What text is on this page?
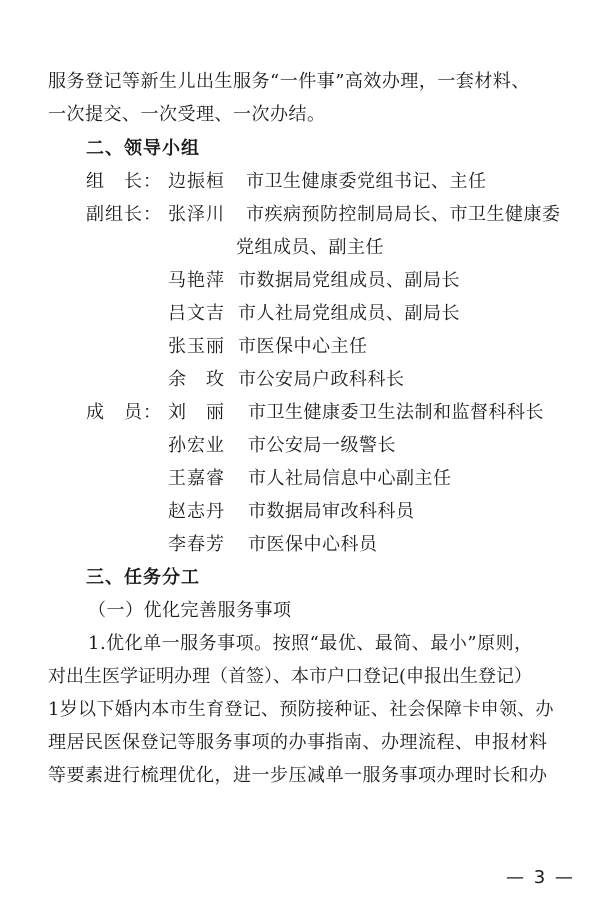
服务登记等新生儿出生服务“一件事”高效办理，一套材料、
一次提交、一次受理、一次办结。
二、领导小组
组　长： 边振桓 市卫生健康委党组书记、主任
副组长： 张泽川 市疾病预防控制局局长、市卫生健康委
党组成员、副主任
马艳萍 市数据局党组成员、副局长
吕文吉 市人社局党组成员、副局长
张玉丽 市医保中心主任
余　玫 市公安局户政科科长
成　员： 刘　丽 市卫生健康委卫生法制和监督科科长
孙宏业 市公安局一级警长
王嘉睿 市人社局信息中心副主任
赵志丹 市数据局审改科科员
李春芳 市医保中心科员
三、任务分工
（一）优化完善服务事项
1.优化单一服务事项。按照“最优、最简、最小”原则，
对出生医学证明办理（首签）、本市户口登记(申报出生登记）
1岁以下婚内本市生育登记、预防接种证、社会保障卡申领、办
理居民医保登记等服务事项的办事指南、办理流程、申报材料
等要素进行梳理优化，进一步压减单一服务事项办理时长和办
— 3 —
